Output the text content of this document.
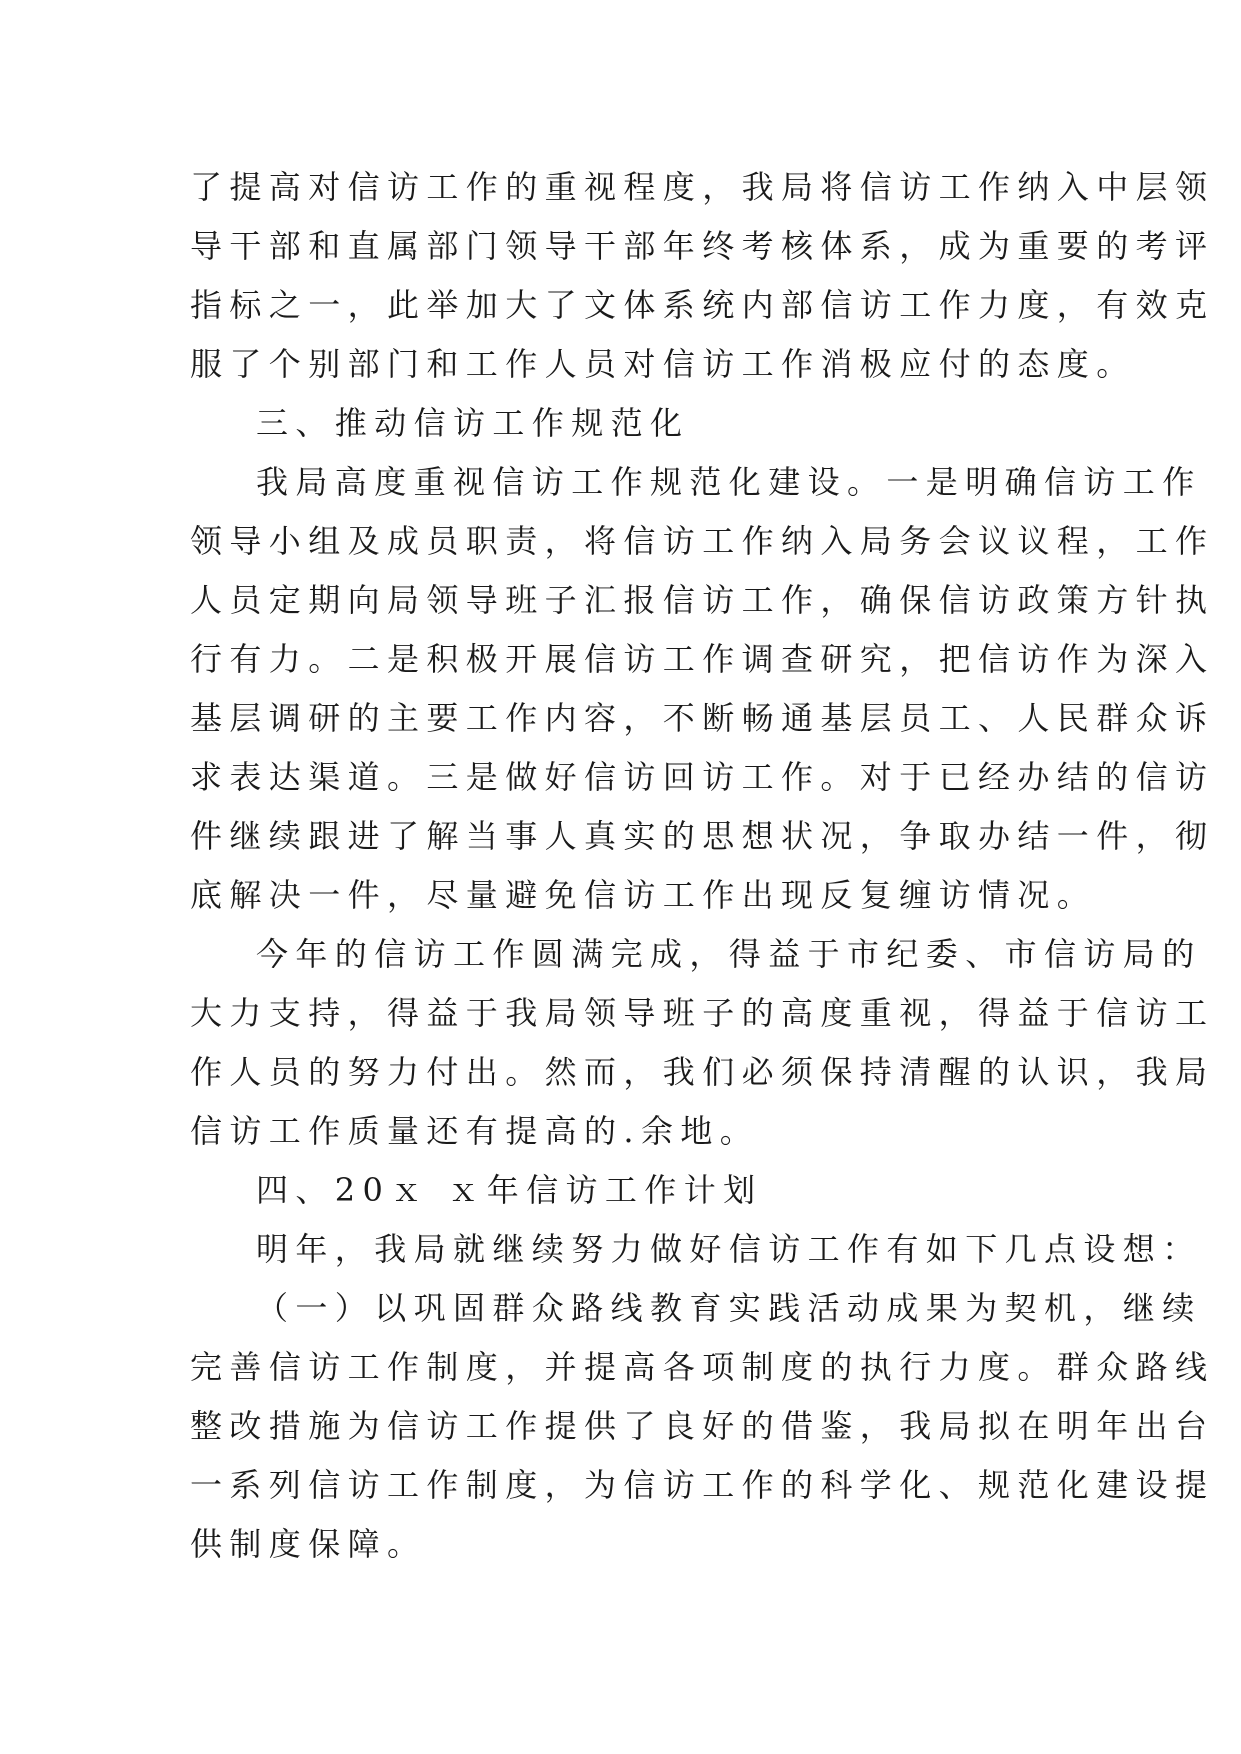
了提高对信访工作的重视程度，我局将信访工作纳入中层领
导干部和直属部门领导干部年终考核体系，成为重要的考评
指标之一，此举加大了文体系统内部信访工作力度，有效克
服了个别部门和工作人员对信访工作消极应付的态度。
三、推动信访工作规范化
我局高度重视信访工作规范化建设。一是明确信访工作
领导小组及成员职责，将信访工作纳入局务会议议程，工作
人员定期向局领导班子汇报信访工作，确保信访政策方针执
行有力。二是积极开展信访工作调查研究，把信访作为深入
基层调研的主要工作内容，不断畅通基层员工、人民群众诉
求表达渠道。三是做好信访回访工作。对于已经办结的信访
件继续跟进了解当事人真实的思想状况，争取办结一件，彻
底解决一件，尽量避免信访工作出现反复缠访情况。
今年的信访工作圆满完成，得益于市纪委、市信访局的
大力支持，得益于我局领导班子的高度重视，得益于信访工
作人员的努力付出。然而，我们必须保持清醒的认识，我局
信访工作质量还有提高的.余地。
四、20ｘ ｘ年信访工作计划
明年，我局就继续努力做好信访工作有如下几点设想：
（一）以巩固群众路线教育实践活动成果为契机，继续
完善信访工作制度，并提高各项制度的执行力度。群众路线
整改措施为信访工作提供了良好的借鉴，我局拟在明年出台
一系列信访工作制度，为信访工作的科学化、规范化建设提
供制度保障。
